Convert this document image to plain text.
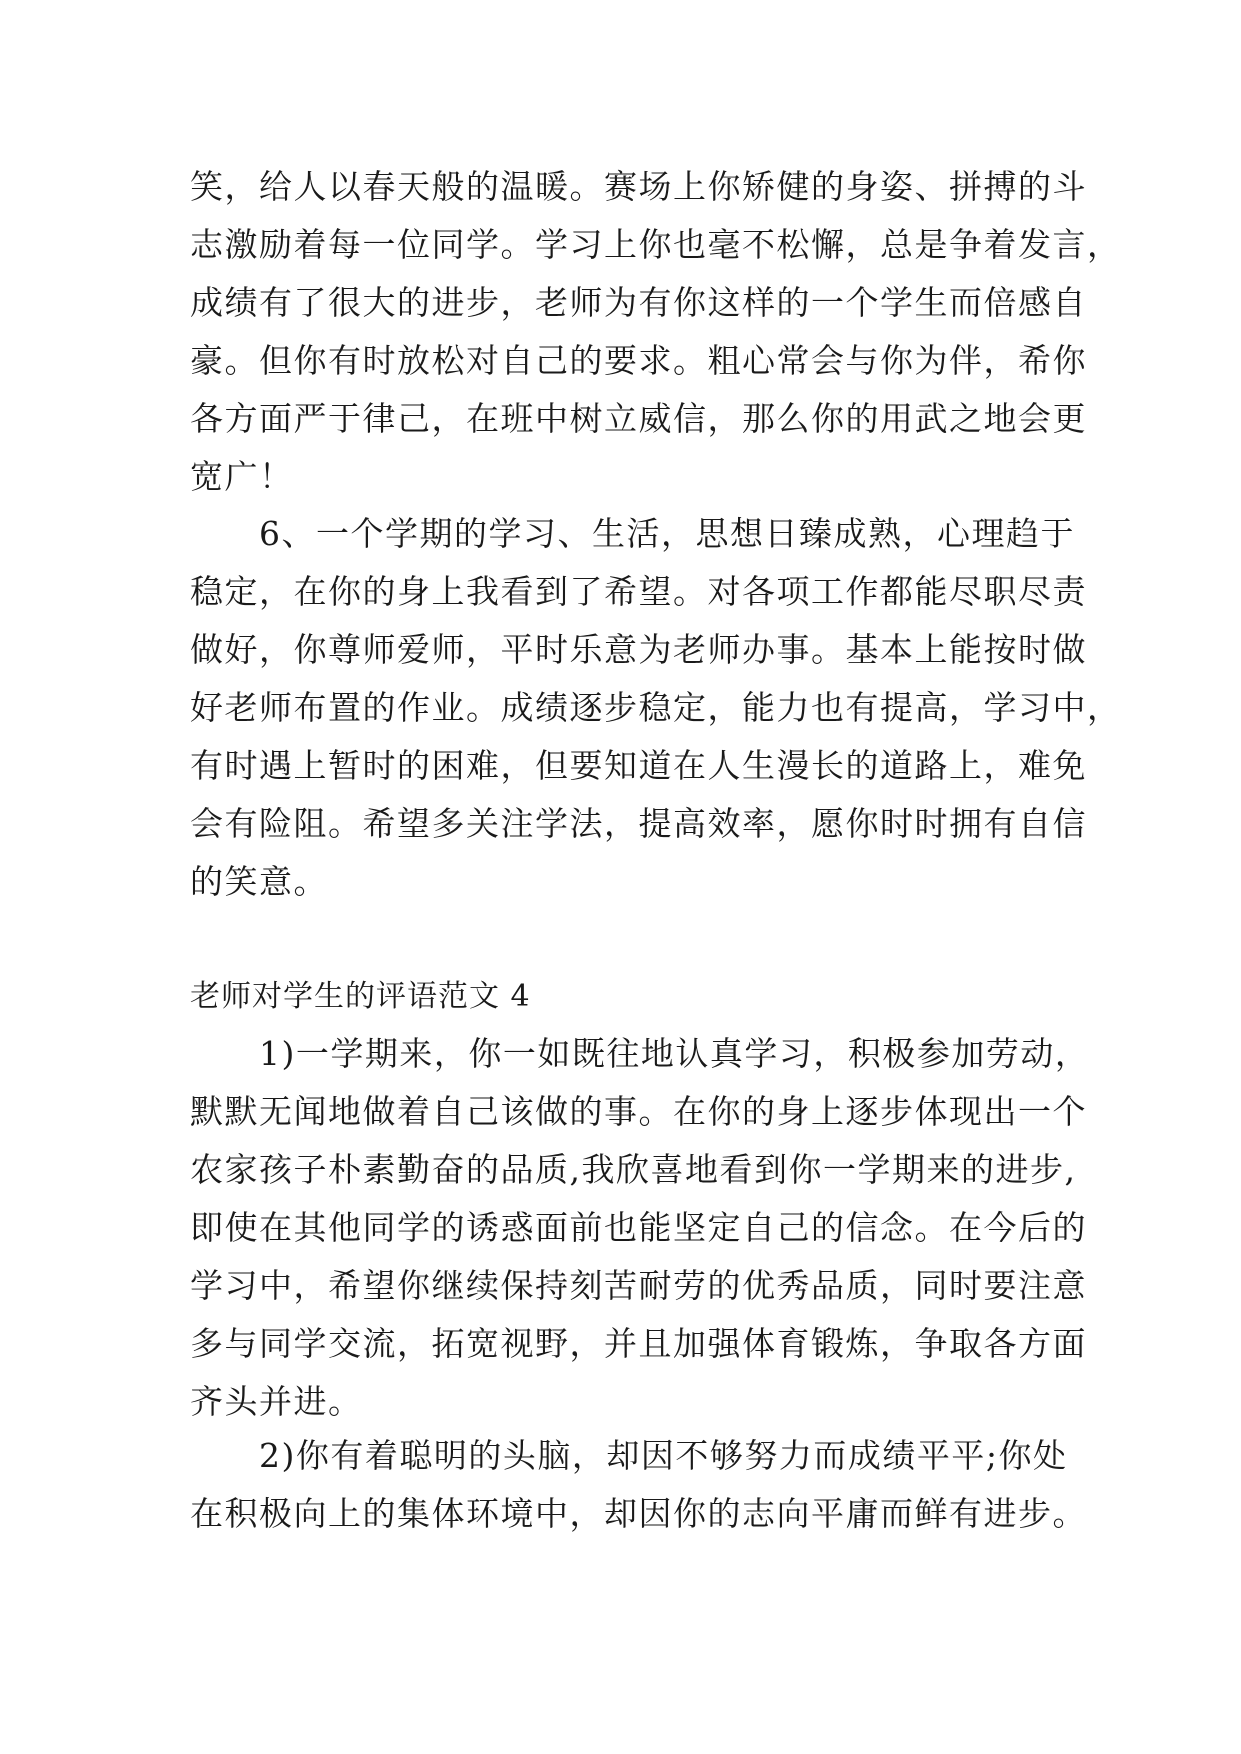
笑，给人以春天般的温暖。赛场上你矫健的身姿、拼搏的斗
志激励着每一位同学。学习上你也毫不松懈，总是争着发言，
成绩有了很大的进步，老师为有你这样的一个学生而倍感自
豪。但你有时放松对自己的要求。粗心常会与你为伴，希你
各方面严于律己，在班中树立威信，那么你的用武之地会更
宽广！
　　6、一个学期的学习、生活，思想日臻成熟，心理趋于
稳定，在你的身上我看到了希望。对各项工作都能尽职尽责
做好，你尊师爱师，平时乐意为老师办事。基本上能按时做
好老师布置的作业。成绩逐步稳定，能力也有提高，学习中，
有时遇上暂时的困难，但要知道在人生漫长的道路上，难免
会有险阻。希望多关注学法，提高效率，愿你时时拥有自信
的笑意。
老师对学生的评语范文 4
　　1)一学期来，你一如既往地认真学习，积极参加劳动，
默默无闻地做着自己该做的事。在你的身上逐步体现出一个
农家孩子朴素勤奋的品质,我欣喜地看到你一学期来的进步,
即使在其他同学的诱惑面前也能坚定自己的信念。在今后的
学习中，希望你继续保持刻苦耐劳的优秀品质，同时要注意
多与同学交流，拓宽视野，并且加强体育锻炼，争取各方面
齐头并进。
　　2)你有着聪明的头脑，却因不够努力而成绩平平;你处
在积极向上的集体环境中，却因你的志向平庸而鲜有进步。
